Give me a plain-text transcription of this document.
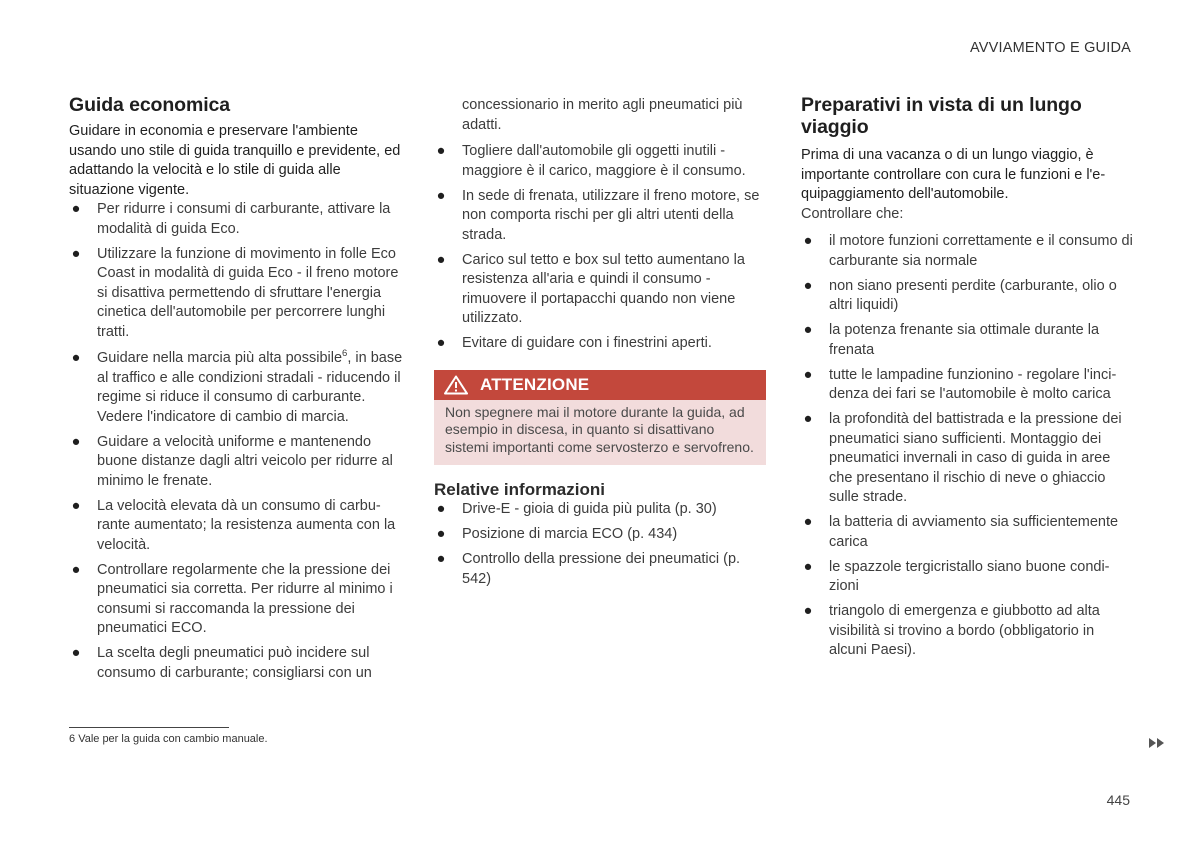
AVVIAMENTO E GUIDA
Guida economica

Guidare in economia e preservare l'ambiente usando uno stile di guida tranquillo e previdente, ed adattando la velocità e lo stile di guida alle situazione vigente.

● Per ridurre i consumi di carburante, attivare la modalità di guida Eco.
● Utilizzare la funzione di movimento in folle Eco Coast in modalità di guida Eco - il freno motore si disattiva permettendo di sfruttare l'energia cinetica dell'automobile per percorrere lunghi tratti.
● Guidare nella marcia più alta possibile$^6$, in base al traffico e alle condizioni stradali - riducendo il regime si riduce il consumo di carburante. Vedere l'indicatore di cambio di marcia.
● Guidare a velocità uniforme e mantenendo buone distanze dagli altri veicolo per ridurre al minimo le frenate.
● La velocità elevata dà un consumo di carburante aumentato; la resistenza aumenta con la velocità.
● Controllare regolarmente che la pressione dei pneumatici sia corretta. Per ridurre al minimo i consumi si raccomanda la pressione dei pneumatici ECO.
● La scelta degli pneumatici può incidere sul consumo di carburante; consigliarsi con un
concessionario in merito agli pneumatici più adatti.
● Togliere dall'automobile gli oggetti inutili - maggiore è il carico, maggiore è il consumo.
● In sede di frenata, utilizzare il freno motore, se non comporta rischi per gli altri utenti della strada.
● Carico sul tetto e box sul tetto aumentano la resistenza all'aria e quindi il consumo - rimuovere il portapacchi quando non viene utilizzato.
● Evitare di guidare con i finestrini aperti.
ATTENZIONE
Non spegnere mai il motore durante la guida, ad esempio in discesa, in quanto si disattivano sistemi importanti come servosterzo e servofreno.
Relative informazioni
● Drive-E - gioia di guida più pulita (p. 30)
● Posizione di marcia ECO (p. 434)
● Controllo della pressione dei pneumatici (p. 542)
Preparativi in vista di un lungo viaggio

Prima di una vacanza o di un lungo viaggio, è importante controllare con cura le funzioni e l'equipaggiamento dell'automobile.

Controllare che:

● il motore funzioni correttamente e il consumo di carburante sia normale
● non siano presenti perdite (carburante, olio o altri liquidi)
● la potenza frenante sia ottimale durante la frenata
● tutte le lampadine funzionino - regolare l'incidenza dei fari se l'automobile è molto carica
● la profondità del battistrada e la pressione dei pneumatici siano sufficienti. Montaggio dei pneumatici invernali in caso di guida in aree che presentano il rischio di neve o ghiaccio sulle strade.
● la batteria di avviamento sia sufficientemente carica
● le spazzole tergicristallo siano buone condizioni
● triangolo di emergenza e giubbotto ad alta visibilità si trovino a bordo (obbligatorio in alcuni Paesi).
6 Vale per la guida con cambio manuale.
445
